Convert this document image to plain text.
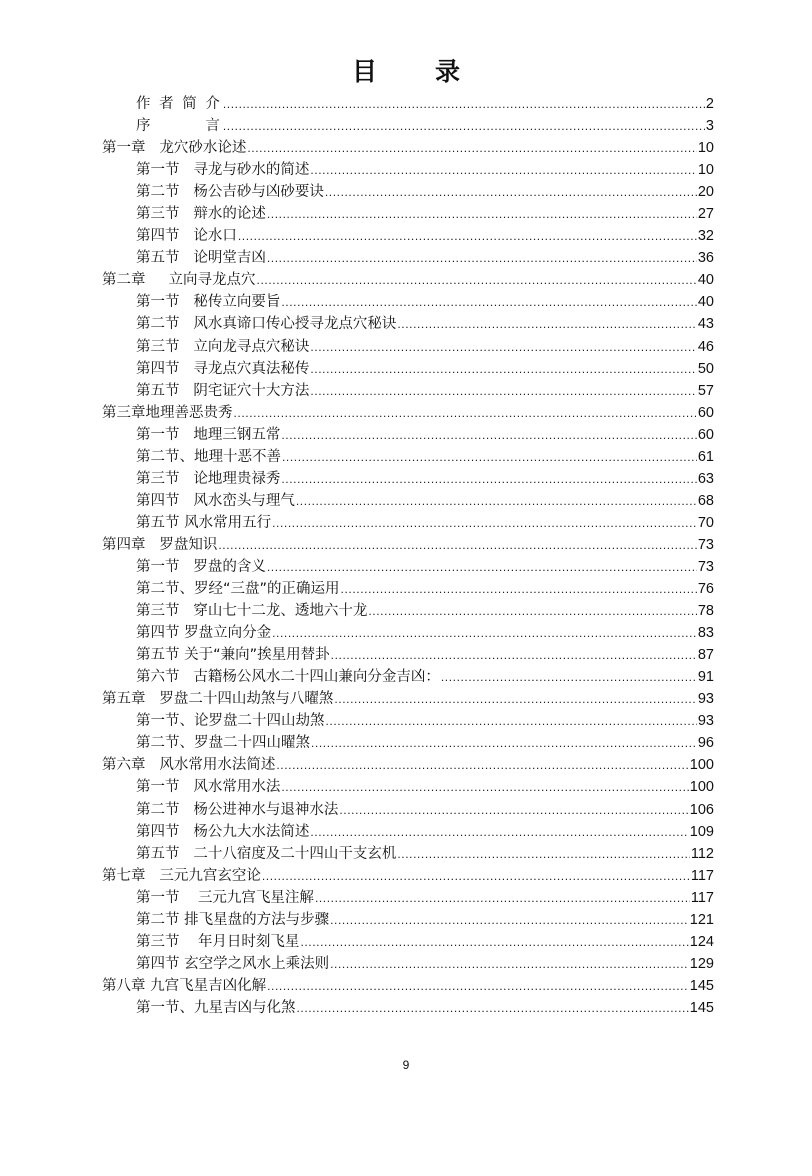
目 录
作 者 简 介 .....	2
序        言 .....	3
第一章 龙穴砂水论述 .....	10
第一节 寻龙与砂水的简述 .....	10
第二节 杨公吉砂与凶砂要诀 .....	20
第三节 辩水的论述 .....	27
第四节 论水口 .....	32
第五节 论明堂吉凶 .....	36
第二章 立向寻龙点穴 .....	40
第一节 秘传立向要旨 .....	40
第二节 风水真谛口传心授寻龙点穴秘诀 .....	43
第三节 立向龙寻点穴秘诀 .....	46
第四节 寻龙点穴真法秘传 .....	50
第五节 阴宅证穴十大方法 .....	57
第三章地理善恶贵秀 .....	60
第一节 地理三钢五常 .....	60
第二节、地理十恶不善 .....	61
第三节 论地理贵禄秀 .....	63
第四节 风水峦头与理气 .....	68
第五节 风水常用五行 .....	70
第四章 罗盘知识 .....	73
第一节 罗盘的含义 .....	73
第二节、罗经“三盘”的正确运用 .....	76
第三节 穿山七十二龙、透地六十龙 .....	78
第四节 罗盘立向分金 .....	83
第五节 关于“兼向”挨星用替卦 .....	87
第六节 古籍杨公风水二十四山兼向分金吉凶： .....	91
第五章 罗盘二十四山劫煞与八曜煞 .....	93
第一节、论罗盘二十四山劫煞 .....	93
第二节、罗盘二十四山曜煞 .....	96
第六章 风水常用水法简述 .....	100
第一节 风水常用水法 .....	100
第二节 杨公进神水与退神水法 .....	106
第四节 杨公九大水法简述 .....	109
第五节 二十八宿度及二十四山干支玄机 .....	112
第七章 三元九宫玄空论 .....	117
第一节 三元九宫飞星注解 .....	117
第二节 排飞星盘的方法与步骤 .....	121
第三节 年月日时刻飞星 .....	124
第四节 玄空学之风水上乘法则 .....	129
第八章 九宫飞星吉凶化解 .....	145
第一节、九星吉凶与化煞 .....	145
9
